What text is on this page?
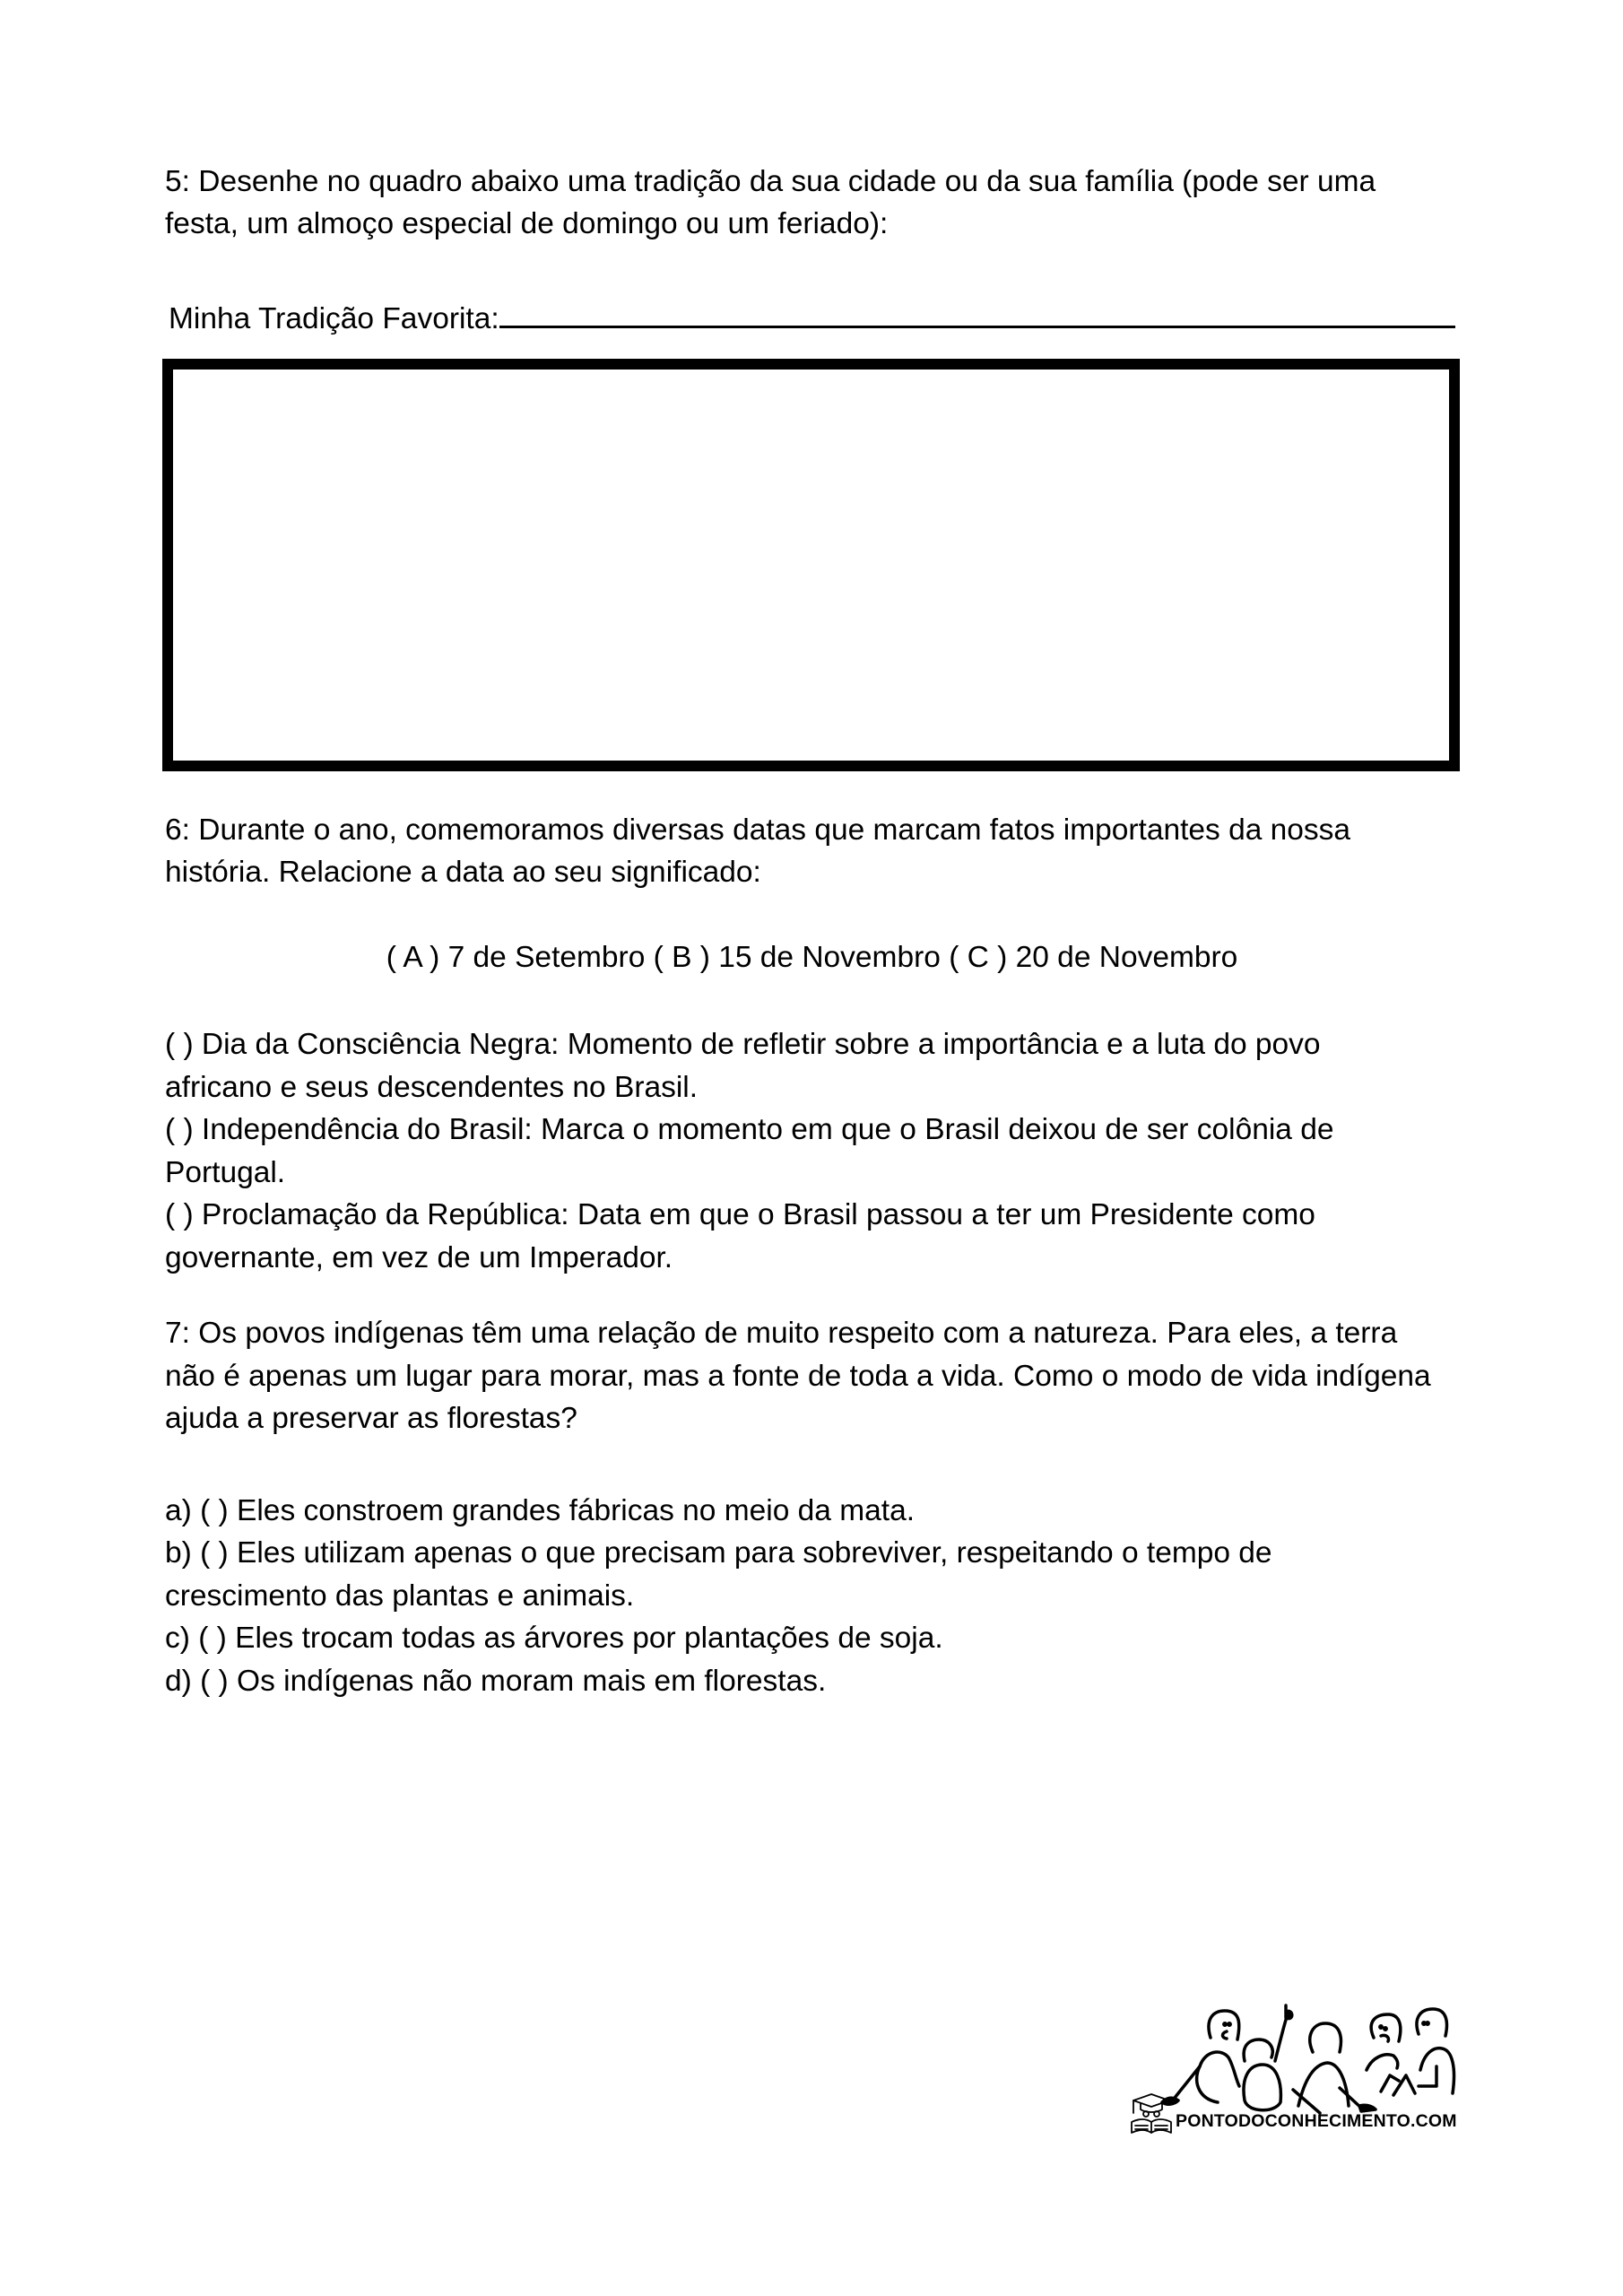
5: Desenhe no quadro abaixo uma tradição da sua cidade ou da sua família (pode ser uma
festa, um almoço especial de domingo ou um feriado):
Minha Tradição Favorita:
6: Durante o ano, comemoramos diversas datas que marcam fatos importantes da nossa
história. Relacione a data ao seu significado:
( A ) 7 de Setembro ( B ) 15 de Novembro ( C ) 20 de Novembro
( ) Dia da Consciência Negra: Momento de refletir sobre a importância e a luta do povo
africano e seus descendentes no Brasil.
( ) Independência do Brasil: Marca o momento em que o Brasil deixou de ser colônia de
Portugal.
( ) Proclamação da República: Data em que o Brasil passou a ter um Presidente como
governante, em vez de um Imperador.
7: Os povos indígenas têm uma relação de muito respeito com a natureza. Para eles, a terra
não é apenas um lugar para morar, mas a fonte de toda a vida. Como o modo de vida indígena
ajuda a preservar as florestas?
a) ( ) Eles constroem grandes fábricas no meio da mata.
b) ( ) Eles utilizam apenas o que precisam para sobreviver, respeitando o tempo de
crescimento das plantas e animais.
c) ( ) Eles trocam todas as árvores por plantações de soja.
d) ( ) Os indígenas não moram mais em florestas.
PONTODOCONHECIMENTO.COM
